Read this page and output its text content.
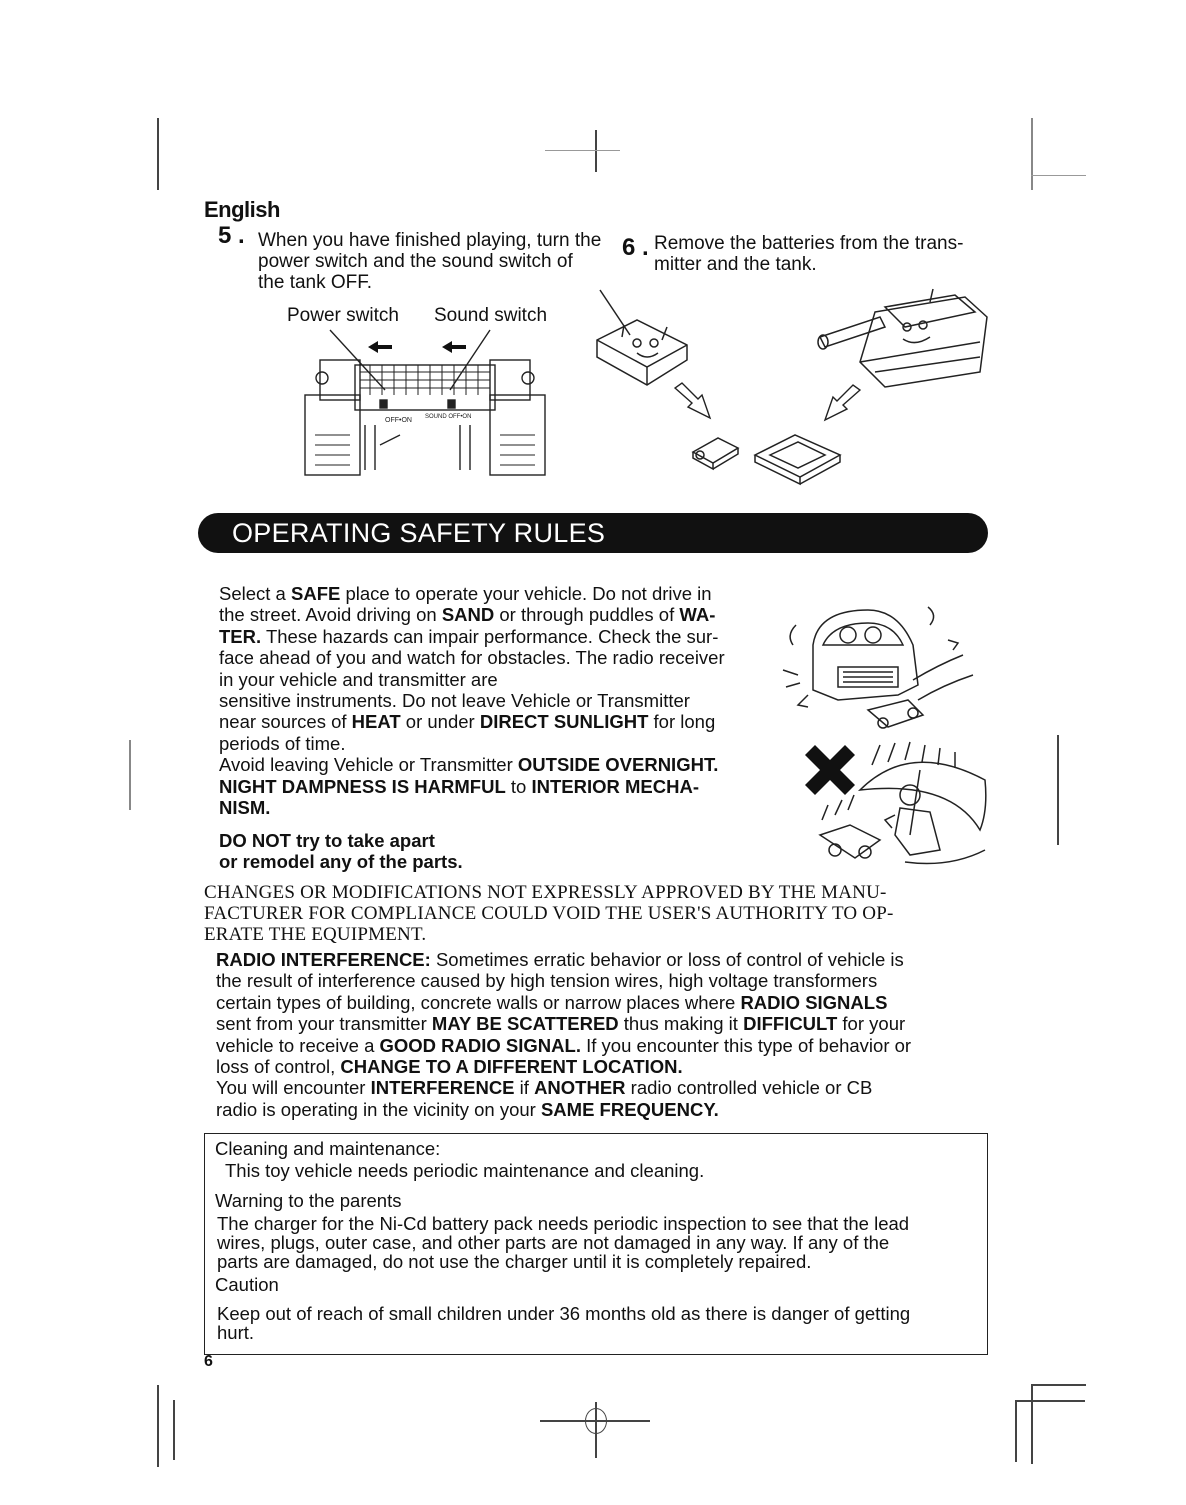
English
5 . When you have finished playing, turn the
power switch and the sound switch of
the tank OFF.
Power switch Sound switch
OFF•ON SOUND OFF•ON
6 . Remove the batteries from the trans-
mitter and the tank.
OPERATING SAFETY RULES
Select a SAFE place to operate your vehicle. Do not drive in
the street. Avoid driving on SAND or through puddles of WA-
TER. These hazards can impair performance. Check the sur-
face ahead of you and watch for obstacles. The radio receiver
in your vehicle and transmitter are
sensitive instruments. Do not leave Vehicle or Transmitter
near sources of HEAT or under DIRECT SUNLIGHT for long
periods of time.
Avoid leaving Vehicle or Transmitter OUTSIDE OVERNIGHT.
NIGHT DAMPNESS IS HARMFUL to INTERIOR MECHA-
NISM.
DO NOT try to take apart
or remodel any of the parts.
CHANGES OR MODIFICATIONS NOT EXPRESSLY APPROVED BY THE MANU-
FACTURER FOR COMPLIANCE COULD VOID THE USER'S AUTHORITY TO OP-
ERATE THE EQUIPMENT.
RADIO INTERFERENCE: Sometimes erratic behavior or loss of control of vehicle is
the result of interference caused by high tension wires, high voltage transformers
certain types of building, concrete walls or narrow places where RADIO SIGNALS
sent from your transmitter MAY BE SCATTERED thus making it DIFFICULT for your
vehicle to receive a GOOD RADIO SIGNAL. If you encounter this type of behavior or
loss of control, CHANGE TO A DIFFERENT LOCATION.
You will encounter INTERFERENCE if ANOTHER radio controlled vehicle or CB
radio is operating in the vicinity on your SAME FREQUENCY.
Cleaning and maintenance:
This toy vehicle needs periodic maintenance and cleaning.
Warning to the parents
The charger for the Ni-Cd battery pack needs periodic inspection to see that the lead
wires, plugs, outer case, and other parts are not damaged in any way. If any of the
parts are damaged, do not use the charger until it is completely repaired.
Caution
Keep out of reach of small children under 36 months old as there is danger of getting
hurt.
6
